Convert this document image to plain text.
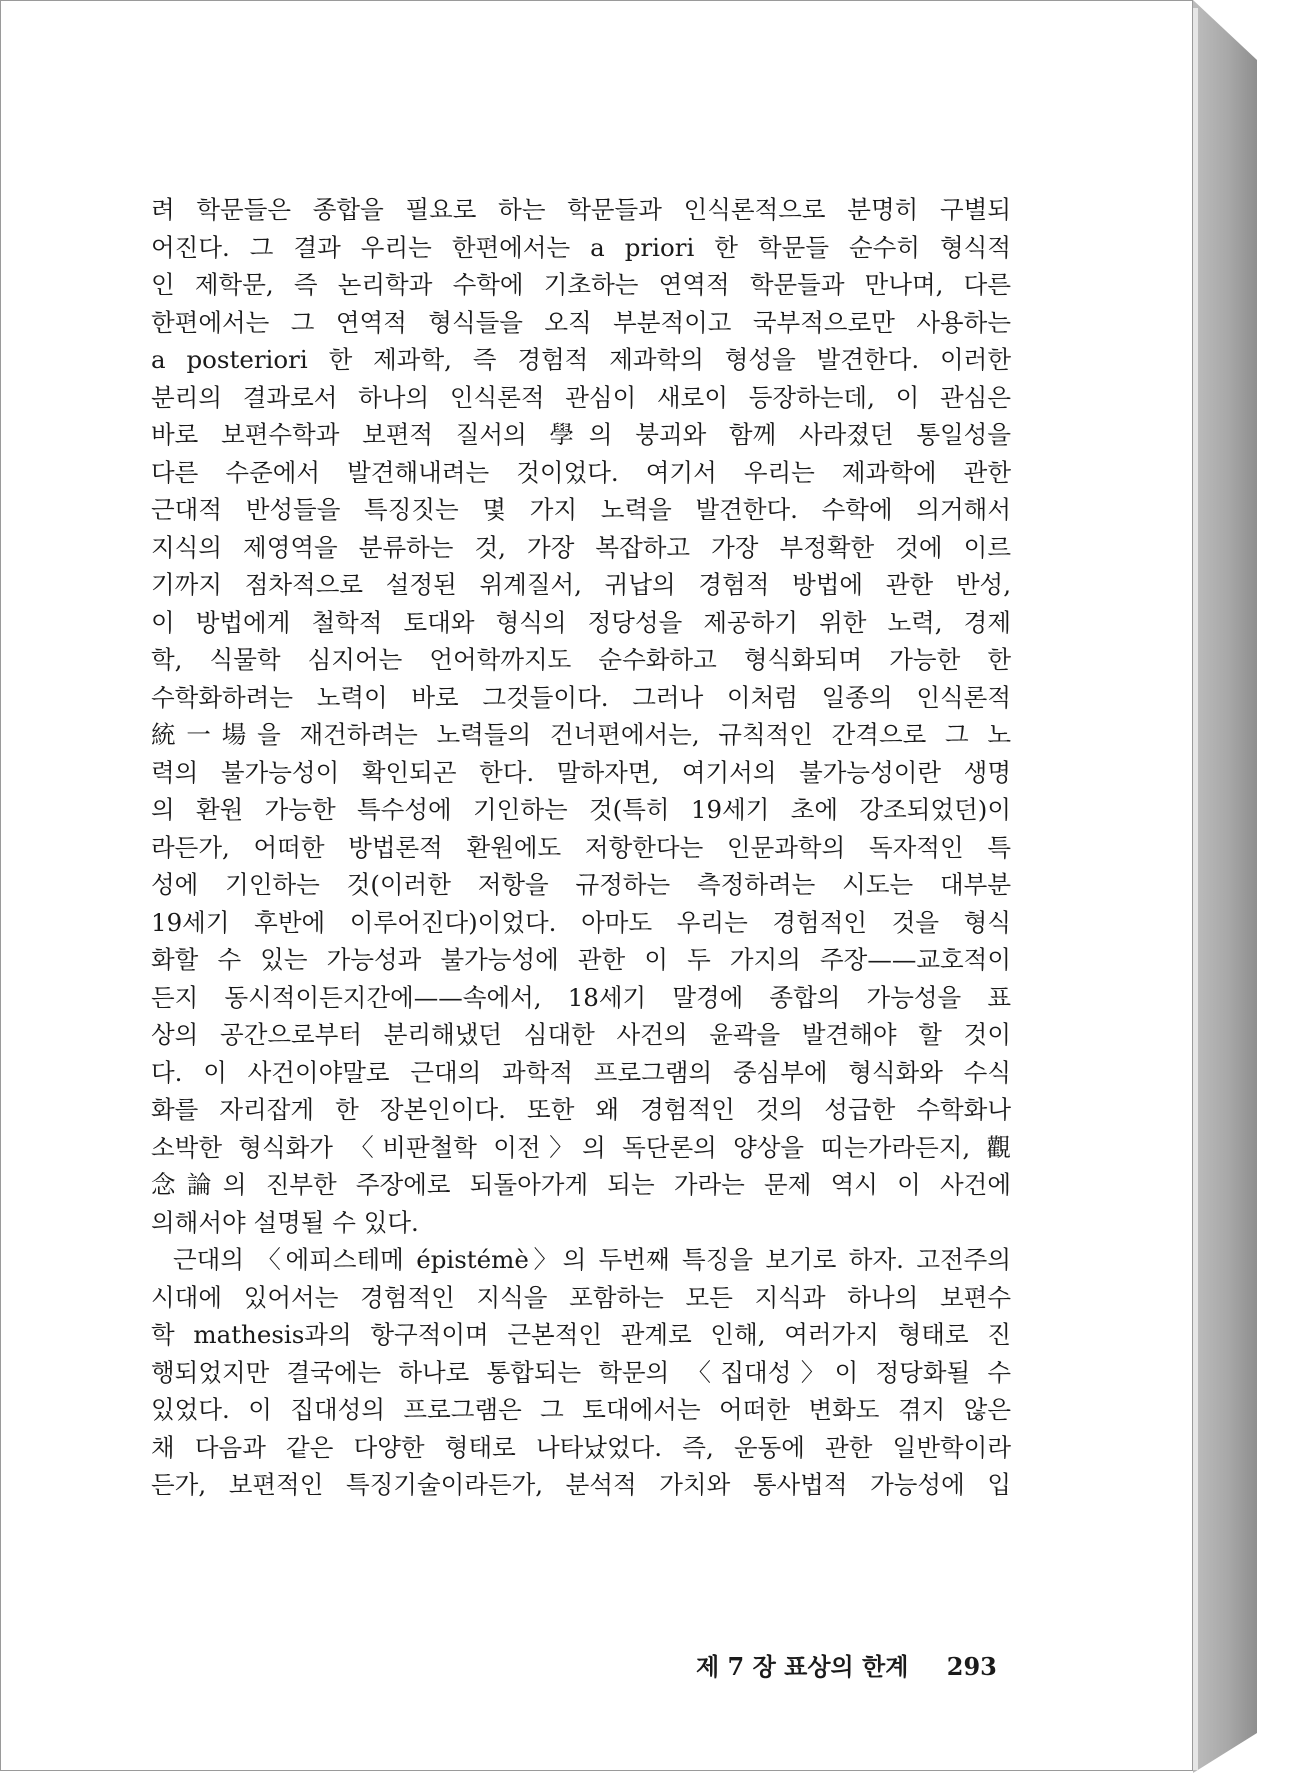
려 학문들은 종합을 필요로 하는 학문들과 인식론적으로 분명히 구별되
어진다. 그 결과 우리는 한편에서는 a priori 한 학문들 순수히 형식적
인 제학문, 즉 논리학과 수학에 기초하는 연역적 학문들과 만나며, 다른
한편에서는 그 연역적 형식들을 오직 부분적이고 국부적으로만 사용하는
a posteriori 한 제과학, 즉 경험적 제과학의 형성을 발견한다. 이러한
분리의 결과로서 하나의 인식론적 관심이 새로이 등장하는데, 이 관심은
바로 보편수학과 보편적 질서의 學의 붕괴와 함께 사라졌던 통일성을
다른 수준에서 발견해내려는 것이었다. 여기서 우리는 제과학에 관한
근대적 반성들을 특징짓는 몇 가지 노력을 발견한다. 수학에 의거해서
지식의 제영역을 분류하는 것, 가장 복잡하고 가장 부정확한 것에 이르
기까지 점차적으로 설정된 위계질서, 귀납의 경험적 방법에 관한 반성,
이 방법에게 철학적 토대와 형식의 정당성을 제공하기 위한 노력, 경제
학, 식물학 심지어는 언어학까지도 순수화하고 형식화되며 가능한 한
수학화하려는 노력이 바로 그것들이다. 그러나 이처럼 일종의 인식론적
統一場을 재건하려는 노력들의 건너편에서는, 규칙적인 간격으로 그 노
력의 불가능성이 확인되곤 한다. 말하자면, 여기서의 불가능성이란 생명
의 환원 가능한 특수성에 기인하는 것(특히 19세기 초에 강조되었던)이
라든가, 어떠한 방법론적 환원에도 저항한다는 인문과학의 독자적인 특
성에 기인하는 것(이러한 저항을 규정하는 측정하려는 시도는 대부분
19세기 후반에 이루어진다)이었다. 아마도 우리는 경험적인 것을 형식
화할 수 있는 가능성과 불가능성에 관한 이 두 가지의 주장——교호적이
든지 동시적이든지간에——속에서, 18세기 말경에 종합의 가능성을 표
상의 공간으로부터 분리해냈던 심대한 사건의 윤곽을 발견해야 할 것이
다. 이 사건이야말로 근대의 과학적 프로그램의 중심부에 형식화와 수식
화를 자리잡게 한 장본인이다. 또한 왜 경험적인 것의 성급한 수학화나
소박한 형식화가 〈비판철학 이전〉의 독단론의 양상을 띠는가라든지, 觀
念論의 진부한 주장에로 되돌아가게 되는 가라는 문제 역시 이 사건에
의해서야 설명될 수 있다.
근대의 〈에피스테메 épistémè〉의 두번째 특징을 보기로 하자. 고전주의
시대에 있어서는 경험적인 지식을 포함하는 모든 지식과 하나의 보편수
학 mathesis과의 항구적이며 근본적인 관계로 인해, 여러가지 형태로 진
행되었지만 결국에는 하나로 통합되는 학문의 〈집대성〉이 정당화될 수
있었다. 이 집대성의 프로그램은 그 토대에서는 어떠한 변화도 겪지 않은
채 다음과 같은 다양한 형태로 나타났었다. 즉, 운동에 관한 일반학이라
든가, 보편적인 특징기술이라든가, 분석적 가치와 통사법적 가능성에 입
제 7 장 표상의 한계 293
